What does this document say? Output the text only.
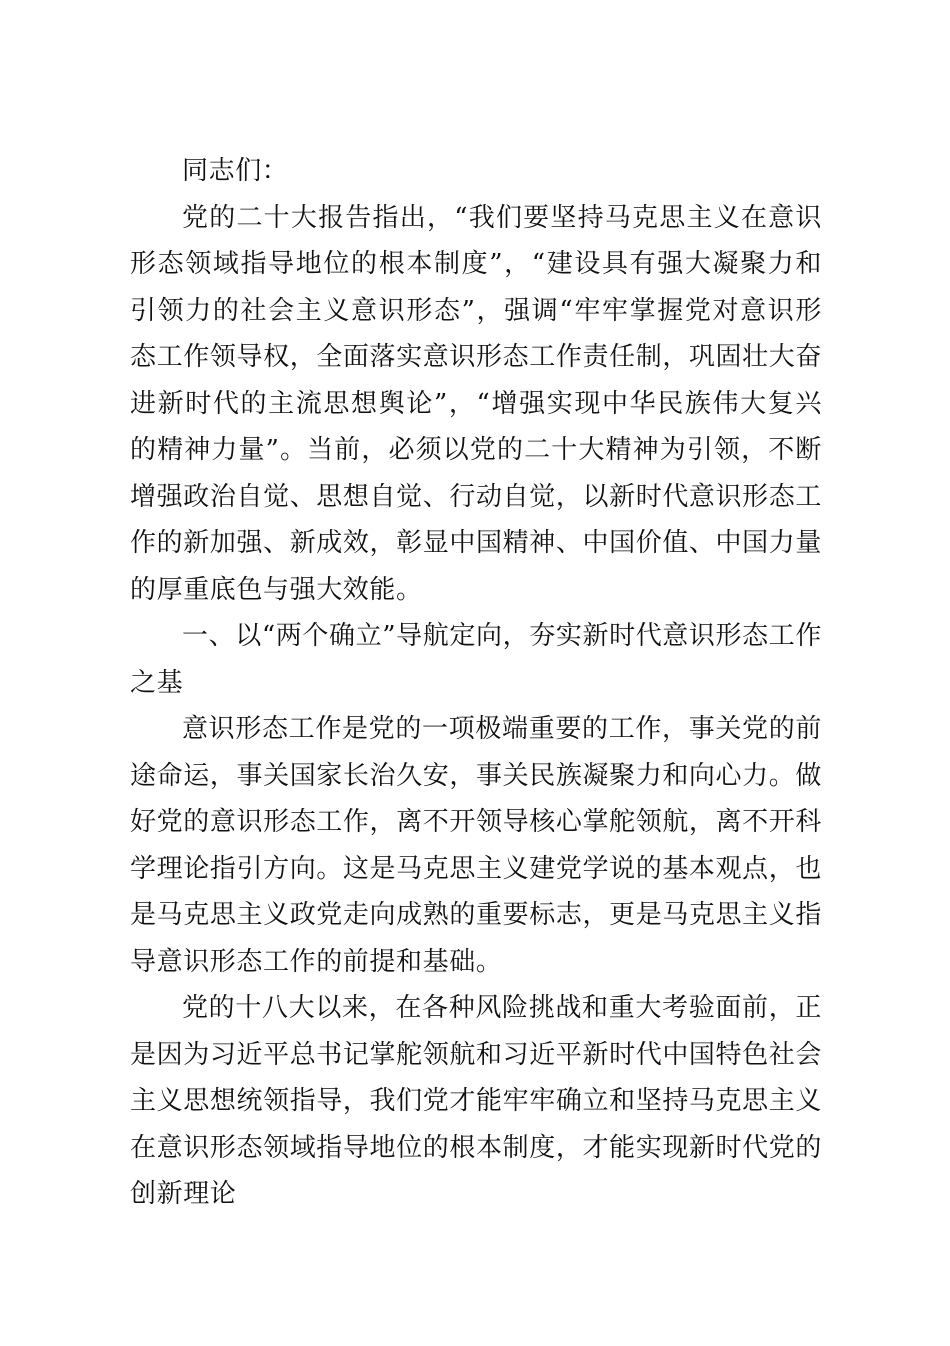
同志们：

党的二十大报告指出，“我们要坚持马克思主义在意识形态领域指导地位的根本制度”，“建设具有强大凝聚力和引领力的社会主义意识形态”，强调“牢牢掌握党对意识形态工作领导权，全面落实意识形态工作责任制，巩固壮大奋进新时代的主流思想舆论”，“增强实现中华民族伟大复兴的精神力量”。当前，必须以党的二十大精神为引领，不断增强政治自觉、思想自觉、行动自觉，以新时代意识形态工作的新加强、新成效，彰显中国精神、中国价值、中国力量的厚重底色与强大效能。

一、以“两个确立”导航定向，夯实新时代意识形态工作之基

意识形态工作是党的一项极端重要的工作，事关党的前途命运，事关国家长治久安，事关民族凝聚力和向心力。做好党的意识形态工作，离不开领导核心掌舵领航，离不开科学理论指引方向。这是马克思主义建党学说的基本观点，也是马克思主义政党走向成熟的重要标志，更是马克思主义指导意识形态工作的前提和基础。

党的十八大以来，在各种风险挑战和重大考验面前，正是因为习近平总书记掌舵领航和习近平新时代中国特色社会主义思想统领指导，我们党才能牢牢确立和坚持马克思主义在意识形态领域指导地位的根本制度，才能实现新时代党的创新理论
